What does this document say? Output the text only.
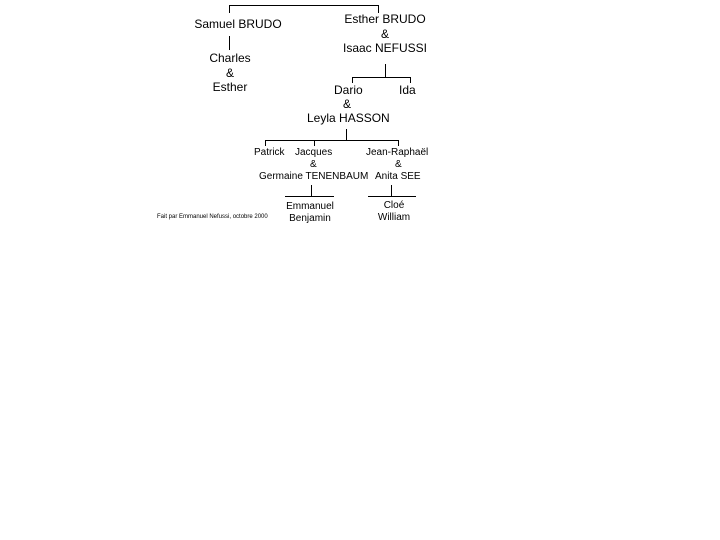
Samuel BRUDO	Esther BRUDO
&
Isaac NEFUSSI
Charles
&
Esther	Dario	Ida
&
Leyla HASSON
Patrick Jacques	Jean-Raphaël
&	&
Germaine TENENBAUM Anita SEE
Emmanuel
Benjamin
Cloé
William
Fait par Emmanuel Nefussi, octobre 2000
